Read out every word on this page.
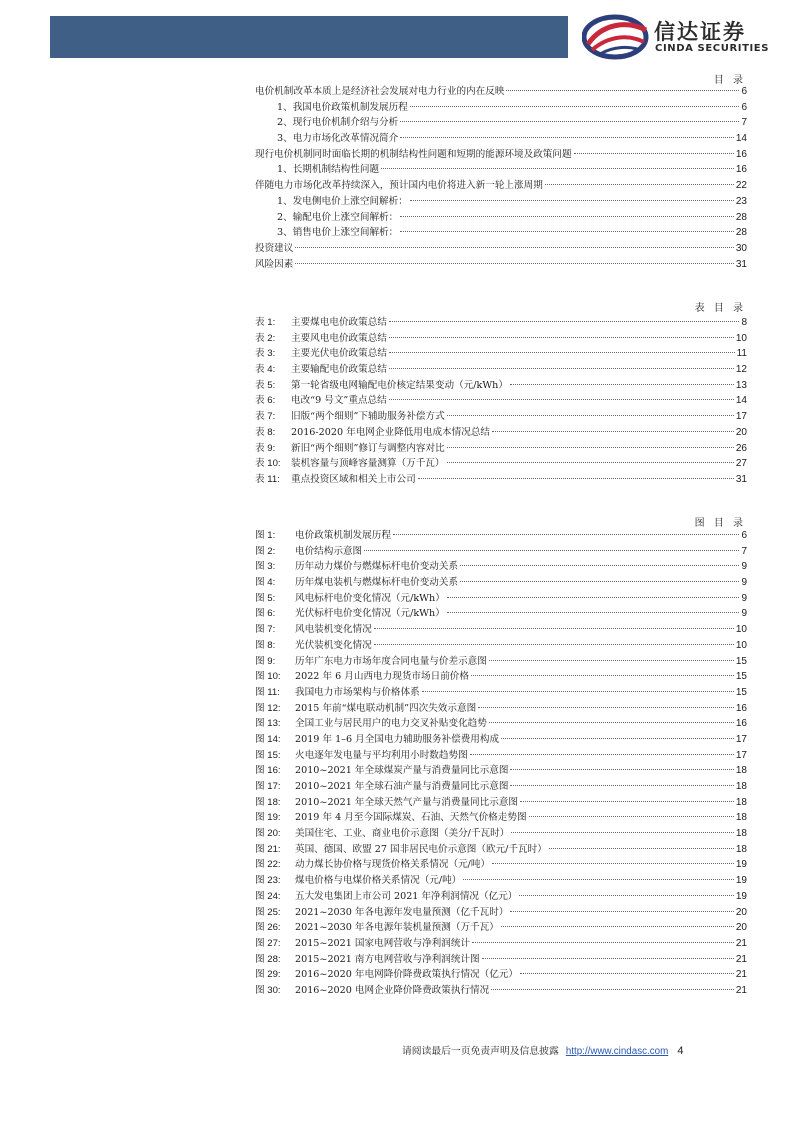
信达证券
CINDA SECURITIES
目 录
电价机制改革本质上是经济社会发展对电力行业的内在反映	6
1、我国电价政策机制发展历程	6
2、现行电价机制介绍与分析	7
3、电力市场化改革情况简介	14
现行电价机制同时面临长期的机制结构性问题和短期的能源环境及政策问题	16
1、长期机制结构性问题	16
伴随电力市场化改革持续深入，预计国内电价将进入新一轮上涨周期	22
1、发电侧电价上涨空间解析：	23
2、输配电价上涨空间解析：	28
3、销售电价上涨空间解析：	28
投资建议	30
风险因素	31
表 目 录
表 1: 主要煤电电价政策总结	8
表 2: 主要风电电价政策总结	10
表 3: 主要光伏电价政策总结	11
表 4: 主要输配电价政策总结	12
表 5: 第一轮省级电网输配电价核定结果变动（元/kWh）	13
表 6: 电改“9 号文”重点总结	14
表 7: 旧版“两个细则”下辅助服务补偿方式	17
表 8: 2016-2020 年电网企业降低用电成本情况总结	20
表 9: 新旧“两个细则”修订与调整内容对比	26
表 10: 装机容量与顶峰容量测算（万千瓦）	27
表 11: 重点投资区域和相关上市公司	31
图 目 录
图 1: 电价政策机制发展历程	6
图 2: 电价结构示意图	7
图 3: 历年动力煤价与燃煤标杆电价变动关系	9
图 4: 历年煤电装机与燃煤标杆电价变动关系	9
图 5: 风电标杆电价变化情况（元/kWh）	9
图 6: 光伏标杆电价变化情况（元/kWh）	9
图 7: 风电装机变化情况	10
图 8: 光伏装机变化情况	10
图 9: 历年广东电力市场年度合同电量与价差示意图	15
图 10: 2022 年 6 月山西电力现货市场日前价格	15
图 11: 我国电力市场架构与价格体系	15
图 12: 2015 年前“煤电联动机制”四次失效示意图	16
图 13: 全国工业与居民用户的电力交叉补贴变化趋势	16
图 14: 2019 年 1–6 月全国电力辅助服务补偿费用构成	17
图 15: 火电逐年发电量与平均利用小时数趋势图	17
图 16: 2010~2021 年全球煤炭产量与消费量同比示意图	18
图 17: 2010~2021 年全球石油产量与消费量同比示意图	18
图 18: 2010~2021 年全球天然气产量与消费量同比示意图	18
图 19: 2019 年 4 月至今国际煤炭、石油、天然气价格走势图	18
图 20: 美国住宅、工业、商业电价示意图（美分/千瓦时）	18
图 21: 英国、德国、欧盟 27 国非居民电价示意图（欧元/千瓦时）	18
图 22: 动力煤长协价格与现货价格关系情况（元/吨）	19
图 23: 煤电价格与电煤价格关系情况（元/吨）	19
图 24: 五大发电集团上市公司 2021 年净利润情况（亿元）	19
图 25: 2021~2030 年各电源年发电量预测（亿千瓦时）	20
图 26: 2021~2030 年各电源年装机量预测（万千瓦）	20
图 27: 2015~2021 国家电网营收与净利润统计	21
图 28: 2015~2021 南方电网营收与净利润统计图	21
图 29: 2016~2020 年电网降价降费政策执行情况（亿元）	21
图 30: 2016~2020 电网企业降价降费政策执行情况	21
请阅读最后一页免责声明及信息披露 http://www.cindasc.com 4
